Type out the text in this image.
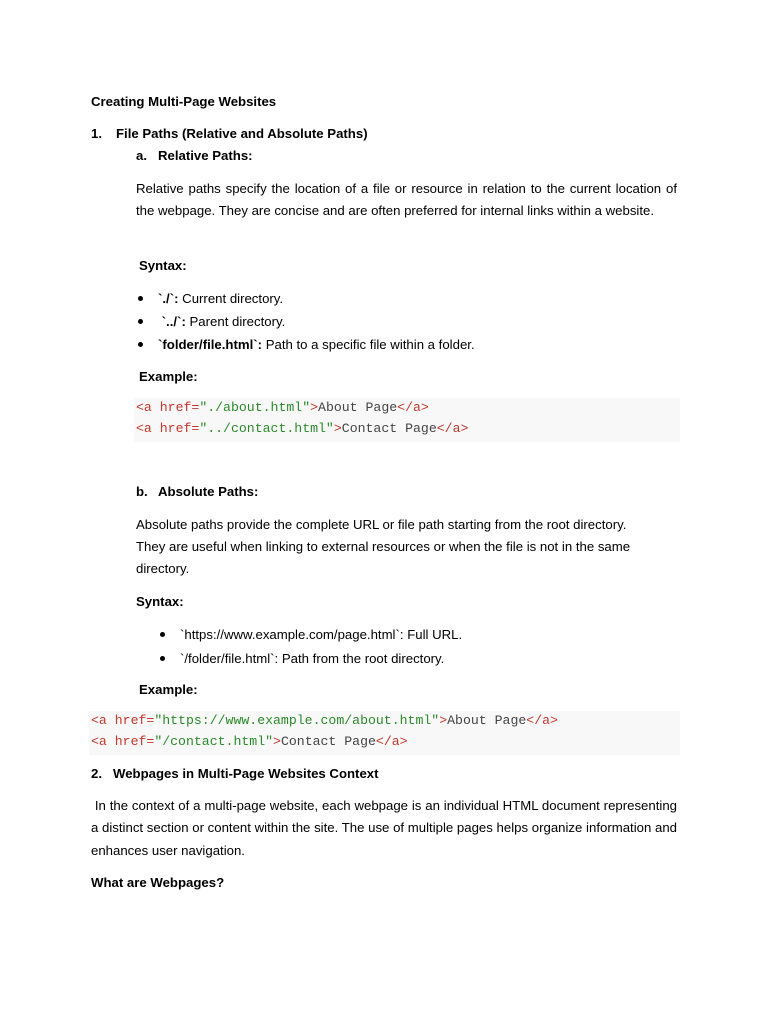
Creating Multi-Page Websites

1. File Paths (Relative and Absolute Paths)

a. Relative Paths:

Relative paths specify the location of a file or resource in relation to the current location of the webpage. They are concise and are often preferred for internal links within a website.

Syntax:

`./`: Current directory.
`../`: Parent directory.
`folder/file.html`: Path to a specific file within a folder.

Example:

<a href="./about.html">About Page</a>
<a href="../contact.html">Contact Page</a>

b. Absolute Paths:

Absolute paths provide the complete URL or file path starting from the root directory.

They are useful when linking to external resources or when the file is not in the same

directory.

Syntax:

`https://www.example.com/page.html`: Full URL.
`/folder/file.html`: Path from the root directory.

Example:

<a href="https://www.example.com/about.html">About Page</a>
<a href="/contact.html">Contact Page</a>

2. Webpages in Multi-Page Websites Context

In the context of a multi-page website, each webpage is an individual HTML document representing a distinct section or content within the site. The use of multiple pages helps organize information and enhances user navigation.

What are Webpages?
